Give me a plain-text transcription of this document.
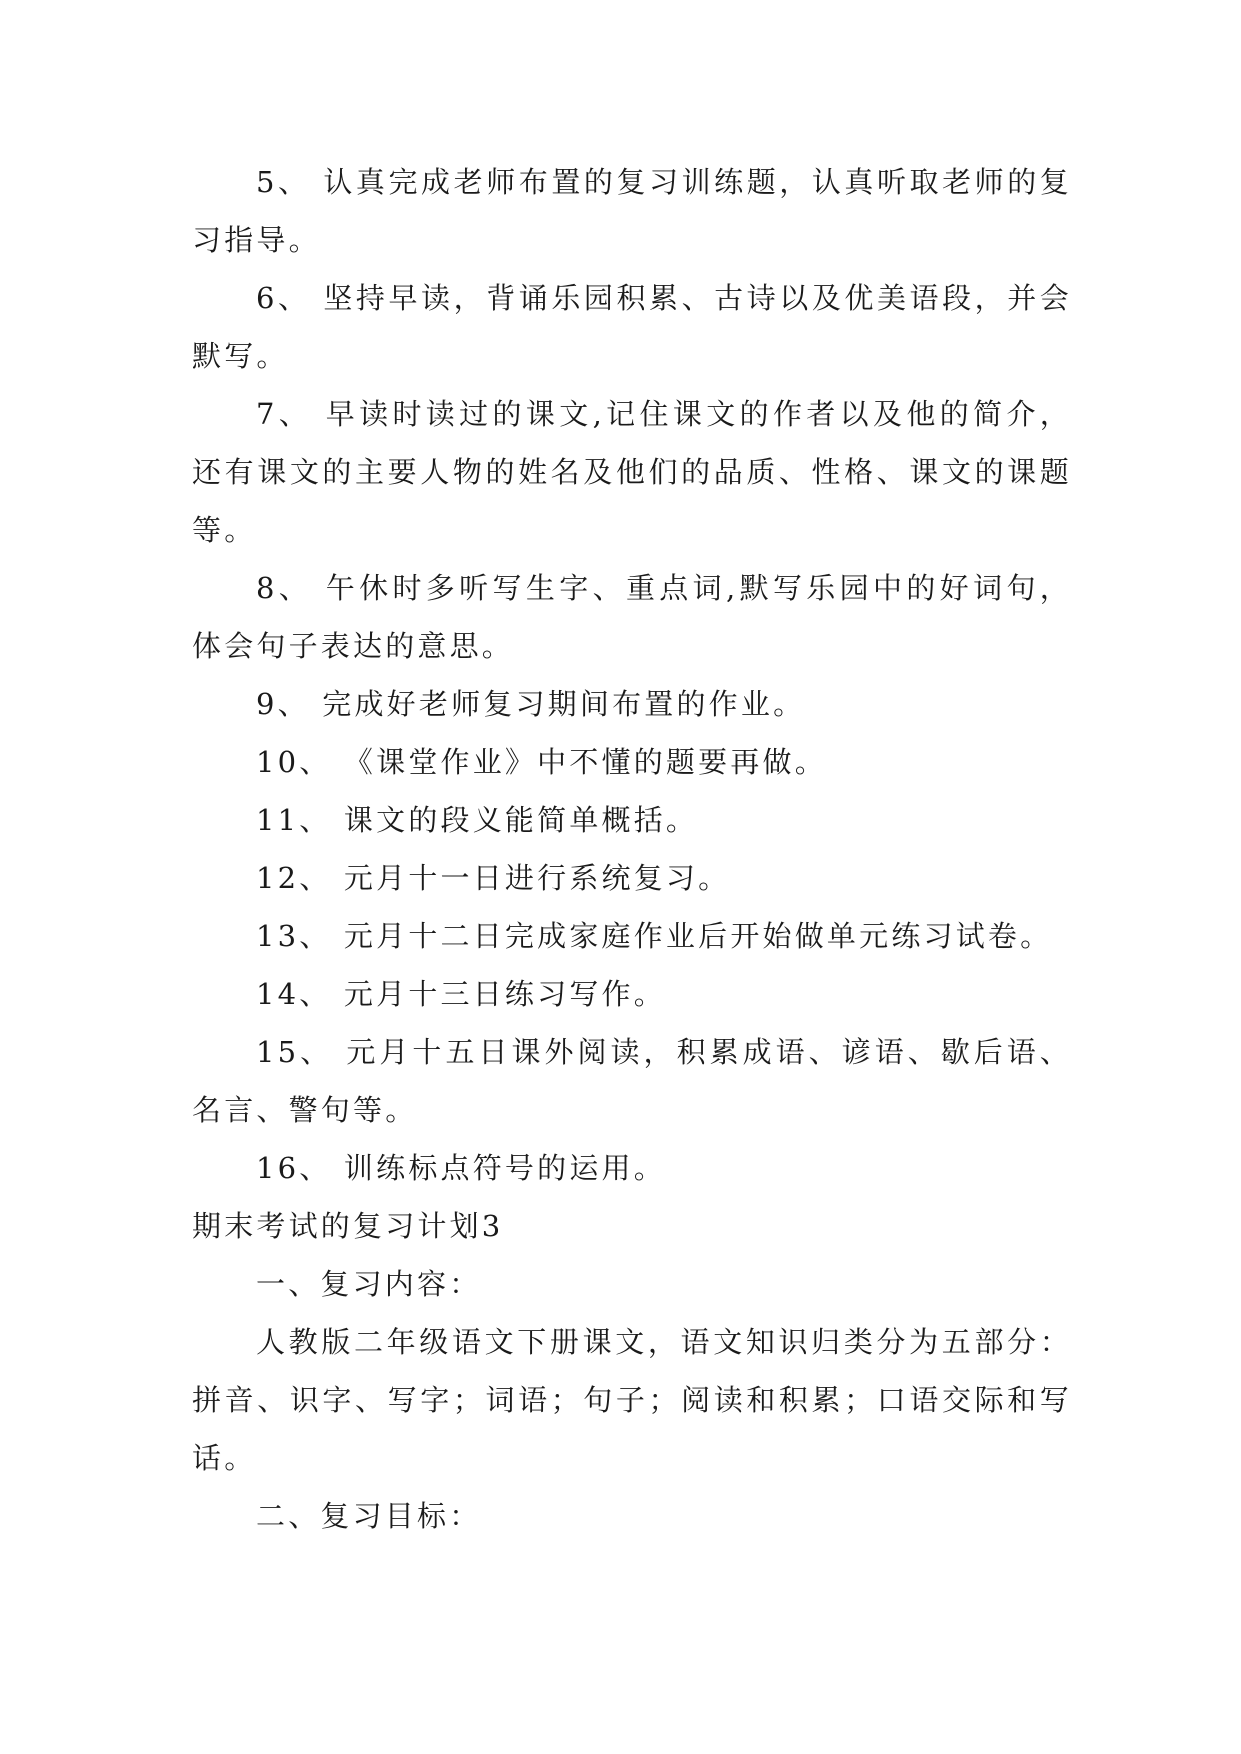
5、 认真完成老师布置的复习训练题，认真听取老师的复习指导。

6、 坚持早读，背诵乐园积累、古诗以及优美语段，并会默写。

7、 早读时读过的课文,记住课文的作者以及他的简介，还有课文的主要人物的姓名及他们的品质、性格、课文的课题等。

8、 午休时多听写生字、重点词,默写乐园中的好词句，体会句子表达的意思。

9、 完成好老师复习期间布置的作业。

10、 《课堂作业》中不懂的题要再做。

11、 课文的段义能简单概括。

12、 元月十一日进行系统复习。

13、 元月十二日完成家庭作业后开始做单元练习试卷。

14、 元月十三日练习写作。

15、 元月十五日课外阅读，积累成语、谚语、歇后语、名言、警句等。

16、 训练标点符号的运用。

期末考试的复习计划3

一、复习内容：

人教版二年级语文下册课文，语文知识归类分为五部分：拼音、识字、写字；词语；句子；阅读和积累；口语交际和写话。

二、复习目标：
